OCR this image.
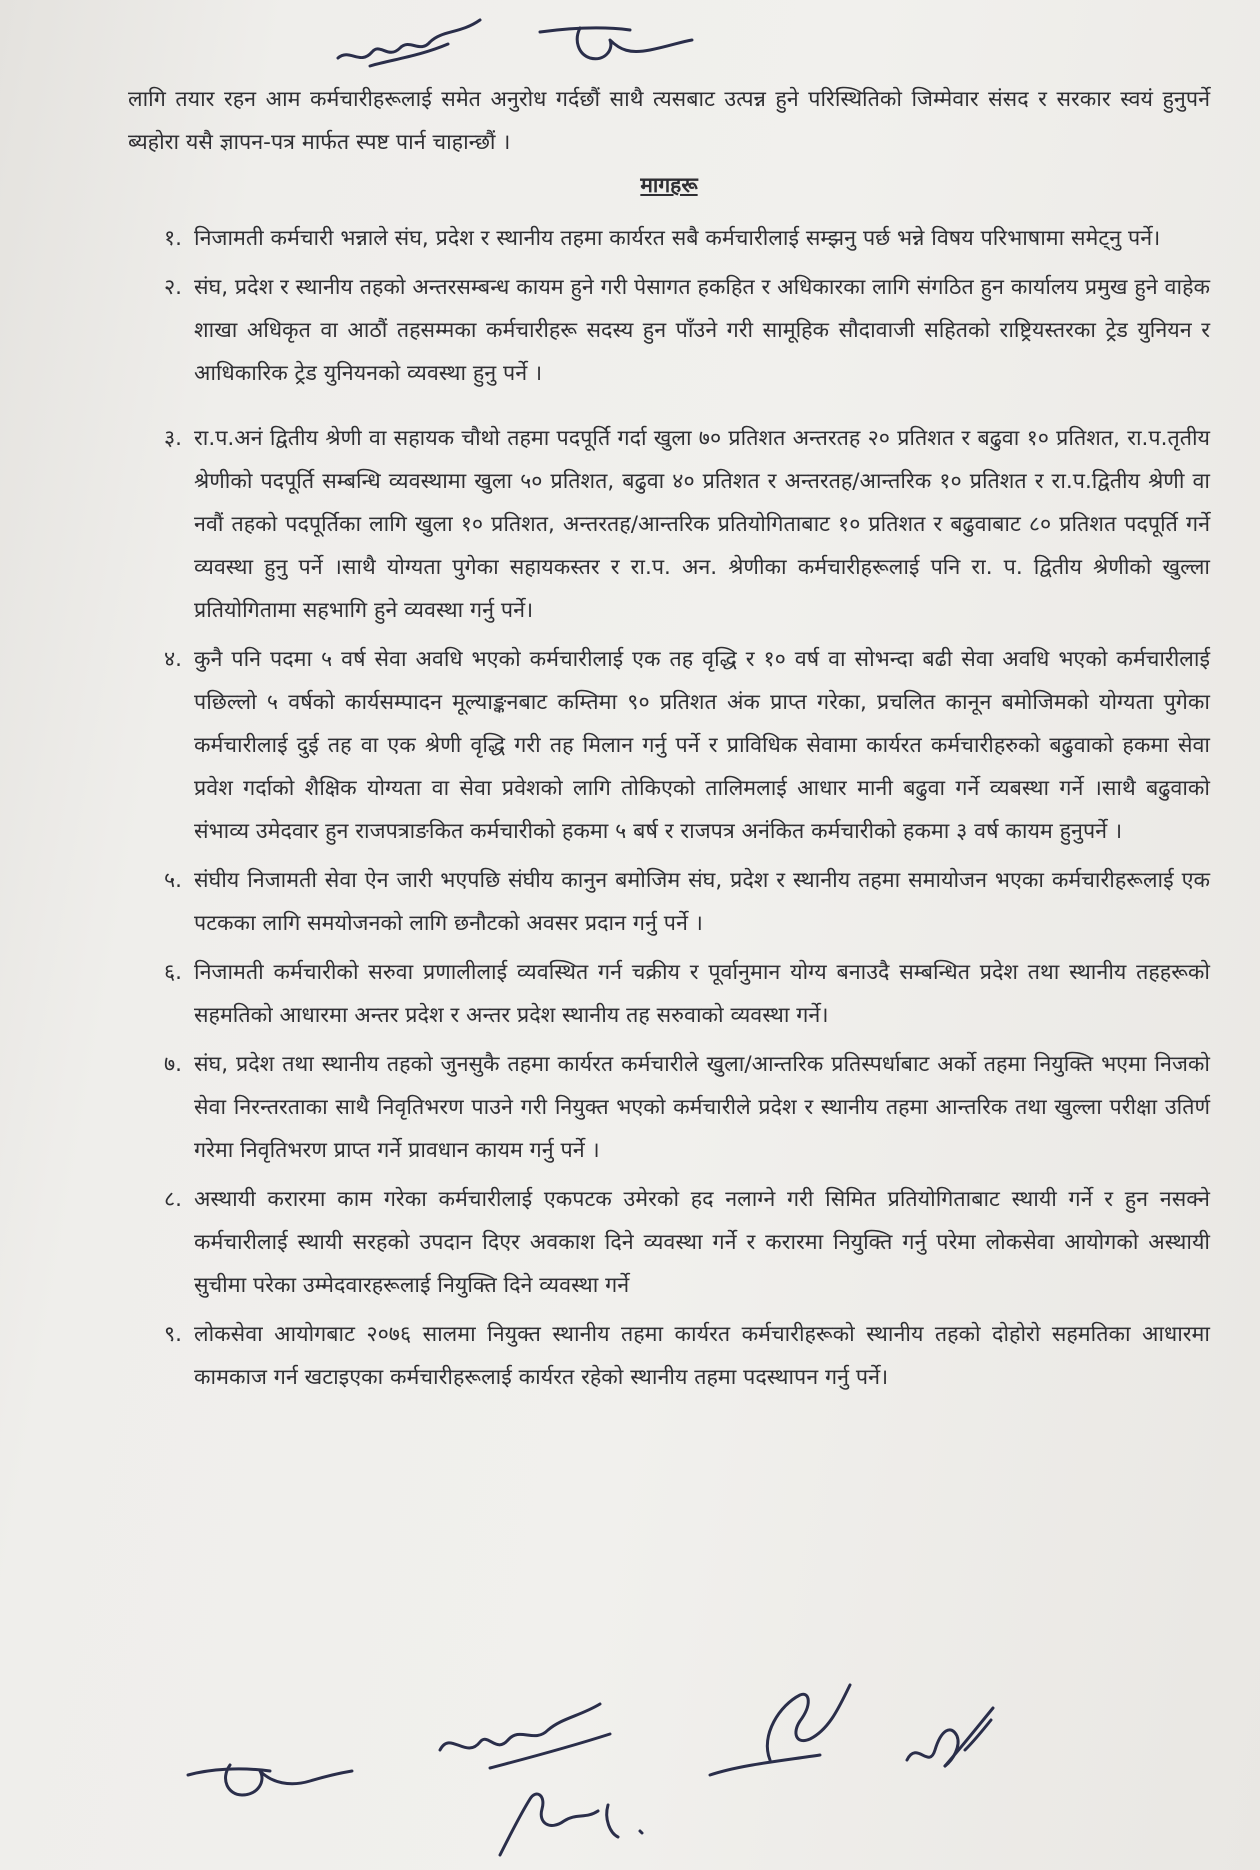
लागि तयार रहन आम कर्मचारीहरूलाई समेत अनुरोध गर्दछौं साथै त्यसबाट उत्पन्न हुने परिस्थितिको जिम्मेवार संसद र सरकार स्वयं हुनुपर्ने ब्यहोरा यसै ज्ञापन-पत्र मार्फत स्पष्ट पार्न चाहान्छौं ।

मागहरू
१. निजामती कर्मचारी भन्नाले संघ, प्रदेश र स्थानीय तहमा कार्यरत सबै कर्मचारीलाई सम्झनु पर्छ भन्ने विषय परिभाषामा समेट्नु पर्ने।
२. संघ, प्रदेश र स्थानीय तहको अन्तरसम्बन्ध कायम हुने गरी पेसागत हकहित र अधिकारका लागि संगठित हुन कार्यालय प्रमुख हुने वाहेक शाखा अधिकृत वा आठौं तहसम्मका कर्मचारीहरू सदस्य हुन पाँउने गरी सामूहिक सौदावाजी सहितको राष्ट्रियस्तरका ट्रेड युनियन र आधिकारिक ट्रेड युनियनको व्यवस्था हुनु पर्ने ।
३. रा.प.अनं द्वितीय श्रेणी वा सहायक चौथो तहमा पदपूर्ति गर्दा खुला ७० प्रतिशत अन्तरतह २० प्रतिशत र बढुवा १० प्रतिशत, रा.प.तृतीय श्रेणीको पदपूर्ति सम्बन्धि व्यवस्थामा खुला ५० प्रतिशत, बढुवा ४० प्रतिशत र अन्तरतह/आन्तरिक १० प्रतिशत र रा.प.द्वितीय श्रेणी वा नवौं तहको पदपूर्तिका लागि खुला १० प्रतिशत, अन्तरतह/आन्तरिक प्रतियोगिताबाट १० प्रतिशत र बढुवाबाट ८० प्रतिशत पदपूर्ति गर्ने व्यवस्था हुनु पर्ने ।साथै योग्यता पुगेका सहायकस्तर र रा.प. अन. श्रेणीका कर्मचारीहरूलाई पनि रा. प. द्वितीय श्रेणीको खुल्ला प्रतियोगितामा सहभागि हुने व्यवस्था गर्नु पर्ने।
४. कुनै पनि पदमा ५ वर्ष सेवा अवधि भएको कर्मचारीलाई एक तह वृद्धि र १० वर्ष वा सोभन्दा बढी सेवा अवधि भएको कर्मचारीलाई पछिल्लो ५ वर्षको कार्यसम्पादन मूल्याङ्कनबाट कम्तिमा ९० प्रतिशत अंक प्राप्त गरेका, प्रचलित कानून बमोजिमको योग्यता पुगेका कर्मचारीलाई दुई तह वा एक श्रेणी वृद्धि गरी तह मिलान गर्नु पर्ने र प्राविधिक सेवामा कार्यरत कर्मचारीहरुको बढुवाको हकमा सेवा प्रवेश गर्दाको शैक्षिक योग्यता वा सेवा प्रवेशको लागि तोकिएको तालिमलाई आधार मानी बढुवा गर्ने व्यबस्था गर्ने ।साथै बढुवाको संभाव्य उमेदवार हुन राजपत्राङकित कर्मचारीको हकमा ५ बर्ष र राजपत्र अनंकित कर्मचारीको हकमा ३ वर्ष कायम हुनुपर्ने ।
५. संघीय निजामती सेवा ऐन जारी भएपछि संघीय कानुन बमोजिम संघ, प्रदेश र स्थानीय तहमा समायोजन भएका कर्मचारीहरूलाई एक पटकका लागि समयोजनको लागि छनौटको अवसर प्रदान गर्नु पर्ने ।
६. निजामती कर्मचारीको सरुवा प्रणालीलाई व्यवस्थित गर्न चक्रीय र पूर्वानुमान योग्य बनाउदै सम्बन्धित प्रदेश तथा स्थानीय तहहरूको सहमतिको आधारमा अन्तर प्रदेश र अन्तर प्रदेश स्थानीय तह सरुवाको व्यवस्था गर्ने।
७. संघ, प्रदेश तथा स्थानीय तहको जुनसुकै तहमा कार्यरत कर्मचारीले खुला/आन्तरिक प्रतिस्पर्धाबाट अर्को तहमा नियुक्ति भएमा निजको सेवा निरन्तरताका साथै निवृतिभरण पाउने गरी नियुक्त भएको कर्मचारीले प्रदेश र स्थानीय तहमा आन्तरिक तथा खुल्ला परीक्षा उतिर्ण गरेमा निवृतिभरण प्राप्त गर्ने प्रावधान कायम गर्नु पर्ने ।
८. अस्थायी करारमा काम गरेका कर्मचारीलाई एकपटक उमेरको हद नलाग्ने गरी सिमित प्रतियोगिताबाट स्थायी गर्ने र हुन नसक्ने कर्मचारीलाई स्थायी सरहको उपदान दिएर अवकाश दिने व्यवस्था गर्ने र करारमा नियुक्ति गर्नु परेमा लोकसेवा आयोगको अस्थायी सुचीमा परेका उम्मेदवारहरूलाई नियुक्ति दिने व्यवस्था गर्ने
९. लोकसेवा आयोगबाट २०७६ सालमा नियुक्त स्थानीय तहमा कार्यरत कर्मचारीहरूको स्थानीय तहको दोहोरो सहमतिका आधारमा कामकाज गर्न खटाइएका कर्मचारीहरूलाई कार्यरत रहेको स्थानीय तहमा पदस्थापन गर्नु पर्ने।
